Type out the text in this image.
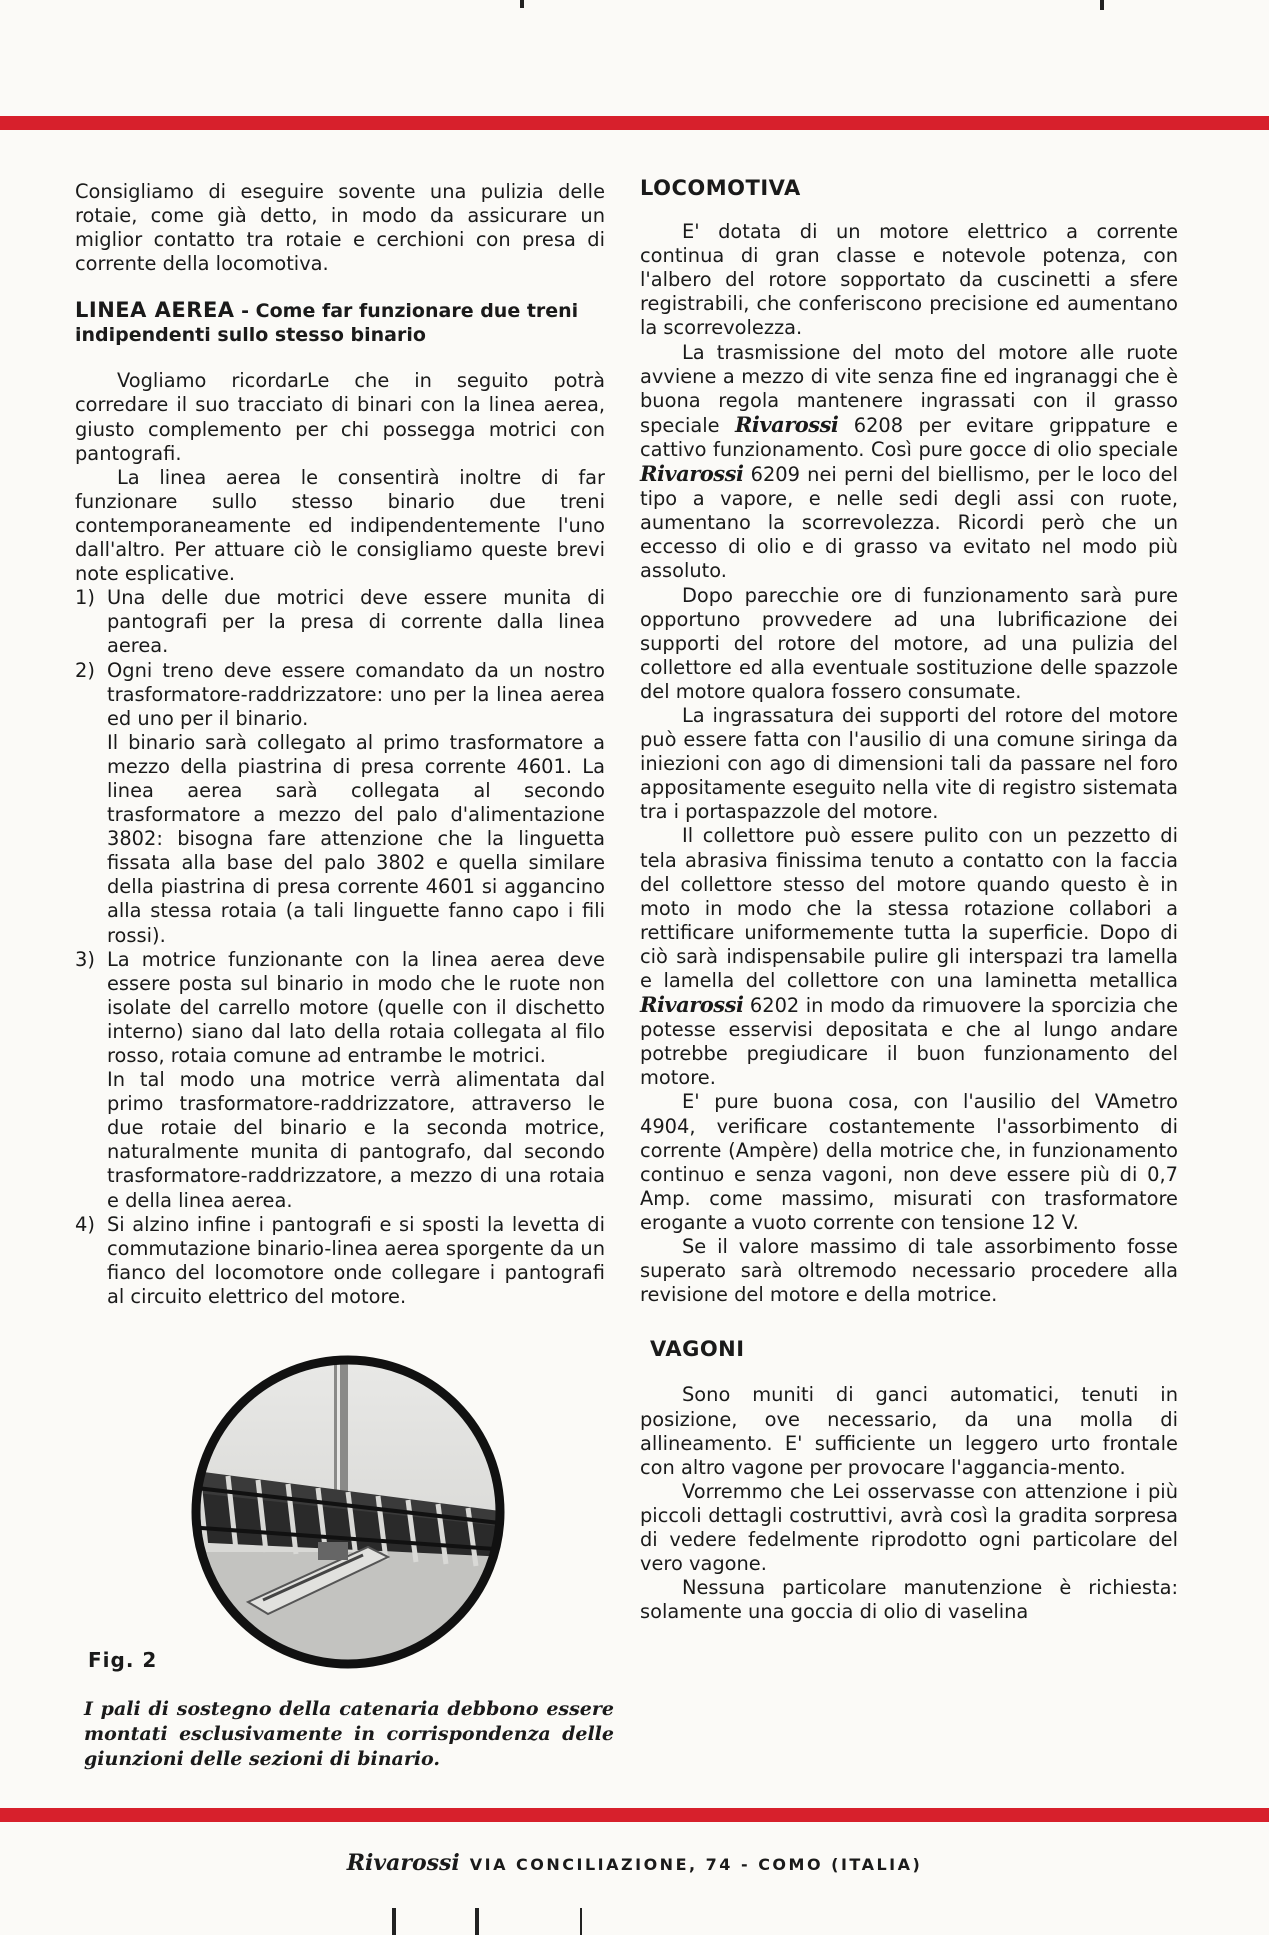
Consigliamo di eseguire sovente una pulizia delle rotaie, come già detto, in modo da assicurare un miglior contatto tra rotaie e cerchioni con presa di corrente della locomotiva.

LINEA AEREA - Come far funzionare due treni
indipendenti sullo stesso binario

Vogliamo ricordarLe che in seguito potrà corredare il suo tracciato di binari con la linea aerea, giusto complemento per chi possegga motrici con pantografi.

La linea aerea le consentirà inoltre di far funzionare sullo stesso binario due treni contemporaneamente ed indipendentemente l'uno dall'altro. Per attuare ciò le consigliamo queste brevi note esplicative.

1) Una delle due motrici deve essere munita di pantografi per la presa di corrente dalla linea aerea.
2) Ogni treno deve essere comandato da un nostro trasformatore-raddrizzatore: uno per la linea aerea ed uno per il binario.
Il binario sarà collegato al primo trasformatore a mezzo della piastrina di presa corrente 4601. La linea aerea sarà collegata al secondo trasformatore a mezzo del palo d'alimentazione 3802: bisogna fare attenzione che la linguetta fissata alla base del palo 3802 e quella similare della piastrina di presa corrente 4601 si aggancino alla stessa rotaia (a tali linguette fanno capo i fili rossi).
3) La motrice funzionante con la linea aerea deve essere posta sul binario in modo che le ruote non isolate del carrello motore (quelle con il dischetto interno) siano dal lato della rotaia collegata al filo rosso, rotaia comune ad entrambe le motrici.
In tal modo una motrice verrà alimentata dal primo trasformatore-raddrizzatore, attraverso le due rotaie del binario e la seconda motrice, naturalmente munita di pantografo, dal secondo trasformatore-raddrizzatore, a mezzo di una rotaia e della linea aerea.
4) Si alzino infine i pantografi e si sposti la levetta di commutazione binario-linea aerea sporgente da un fianco del locomotore onde collegare i pantografi al circuito elettrico del motore.
Fig. 2
I pali di sostegno della catenaria debbono essere montati esclusivamente in corrispondenza delle giunzioni delle sezioni di binario.
LOCOMOTIVA

E' dotata di un motore elettrico a corrente continua di gran classe e notevole potenza, con l'albero del rotore sopportato da cuscinetti a sfere registrabili, che conferiscono precisione ed aumentano la scorrevolezza.

La trasmissione del moto del motore alle ruote avviene a mezzo di vite senza fine ed ingranaggi che è buona regola mantenere ingrassati con il grasso speciale Rivarossi 6208 per evitare grippature e cattivo funzionamento. Così pure gocce di olio speciale Rivarossi 6209 nei perni del biellismo, per le loco del tipo a vapore, e nelle sedi degli assi con ruote, aumentano la scorrevolezza. Ricordi però che un eccesso di olio e di grasso va evitato nel modo più assoluto.

Dopo parecchie ore di funzionamento sarà pure opportuno provvedere ad una lubrificazione dei supporti del rotore del motore, ad una pulizia del collettore ed alla eventuale sostituzione delle spazzole del motore qualora fossero consumate.

La ingrassatura dei supporti del rotore del motore può essere fatta con l'ausilio di una comune siringa da iniezioni con ago di dimensioni tali da passare nel foro appositamente eseguito nella vite di registro sistemata tra i portaspazzole del motore.

Il collettore può essere pulito con un pezzetto di tela abrasiva finissima tenuto a contatto con la faccia del collettore stesso del motore quando questo è in moto in modo che la stessa rotazione collabori a rettificare uniformemente tutta la superficie. Dopo di ciò sarà indispensabile pulire gli interspazi tra lamella e lamella del collettore con una laminetta metallica Rivarossi 6202 in modo da rimuovere la sporcizia che potesse esservisi depositata e che al lungo andare potrebbe pregiudicare il buon funzionamento del motore.

E' pure buona cosa, con l'ausilio del VAmetro 4904, verificare costantemente l'assorbimento di corrente (Ampère) della motrice che, in funzionamento continuo e senza vagoni, non deve essere più di 0,7 Amp. come massimo, misurati con trasformatore erogante a vuoto corrente con tensione 12 V.

Se il valore massimo di tale assorbimento fosse superato sarà oltremodo necessario procedere alla revisione del motore e della motrice.

VAGONI

Sono muniti di ganci automatici, tenuti in posizione, ove necessario, da una molla di allineamento. E' sufficiente un leggero urto frontale con altro vagone per provocare l'aggancia-mento.

Vorremmo che Lei osservasse con attenzione i più piccoli dettagli costruttivi, avrà così la gradita sorpresa di vedere fedelmente riprodotto ogni particolare del vero vagone.

Nessuna particolare manutenzione è richiesta: solamente una goccia di olio di vaselina

Rivarossi VIA CONCILIAZIONE, 74 - COMO (ITALIA)
